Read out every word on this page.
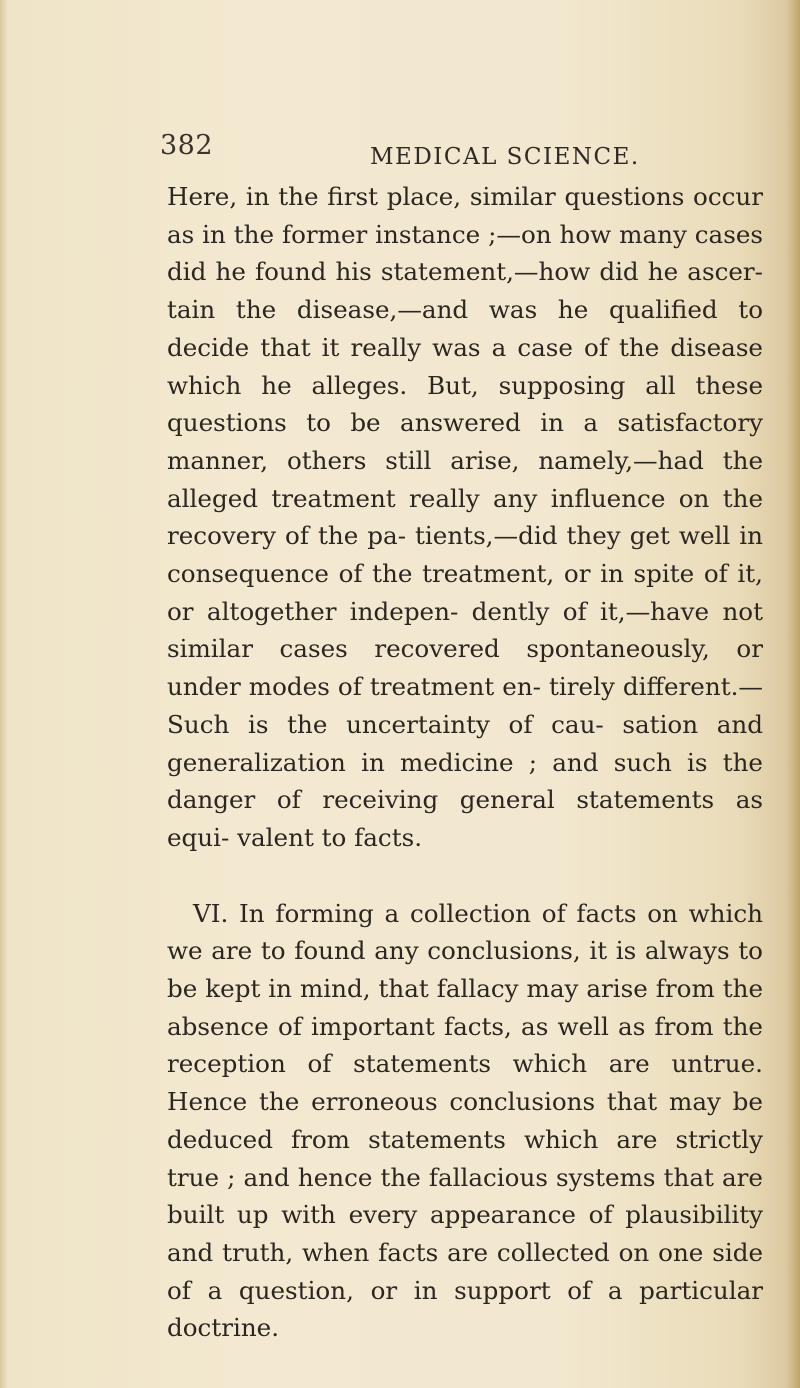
382	MEDICAL SCIENCE.

Here, in the first place, similar questions occur as in the former instance ;—on how many cases did he found his statement,—how did he ascer- tain the disease,—and was he qualified to decide that it really was a case of the disease which he alleges. But, supposing all these questions to be answered in a satisfactory manner, others still arise, namely,—had the alleged treatment really any influence on the recovery of the pa- tients,—did they get well in consequence of the treatment, or in spite of it, or altogether indepen- dently of it,—have not similar cases recovered spontaneously, or under modes of treatment en- tirely different.—Such is the uncertainty of cau- sation and generalization in medicine ; and such is the danger of receiving general statements as equi- valent to facts.

VI. In forming a collection of facts on which we are to found any conclusions, it is always to be kept in mind, that fallacy may arise from the absence of important facts, as well as from the reception of statements which are untrue. Hence the erroneous conclusions that may be deduced from statements which are strictly true ; and hence the fallacious systems that are built up with every appearance of plausibility and truth, when facts are collected on one side of a question, or in support of a particular doctrine.
